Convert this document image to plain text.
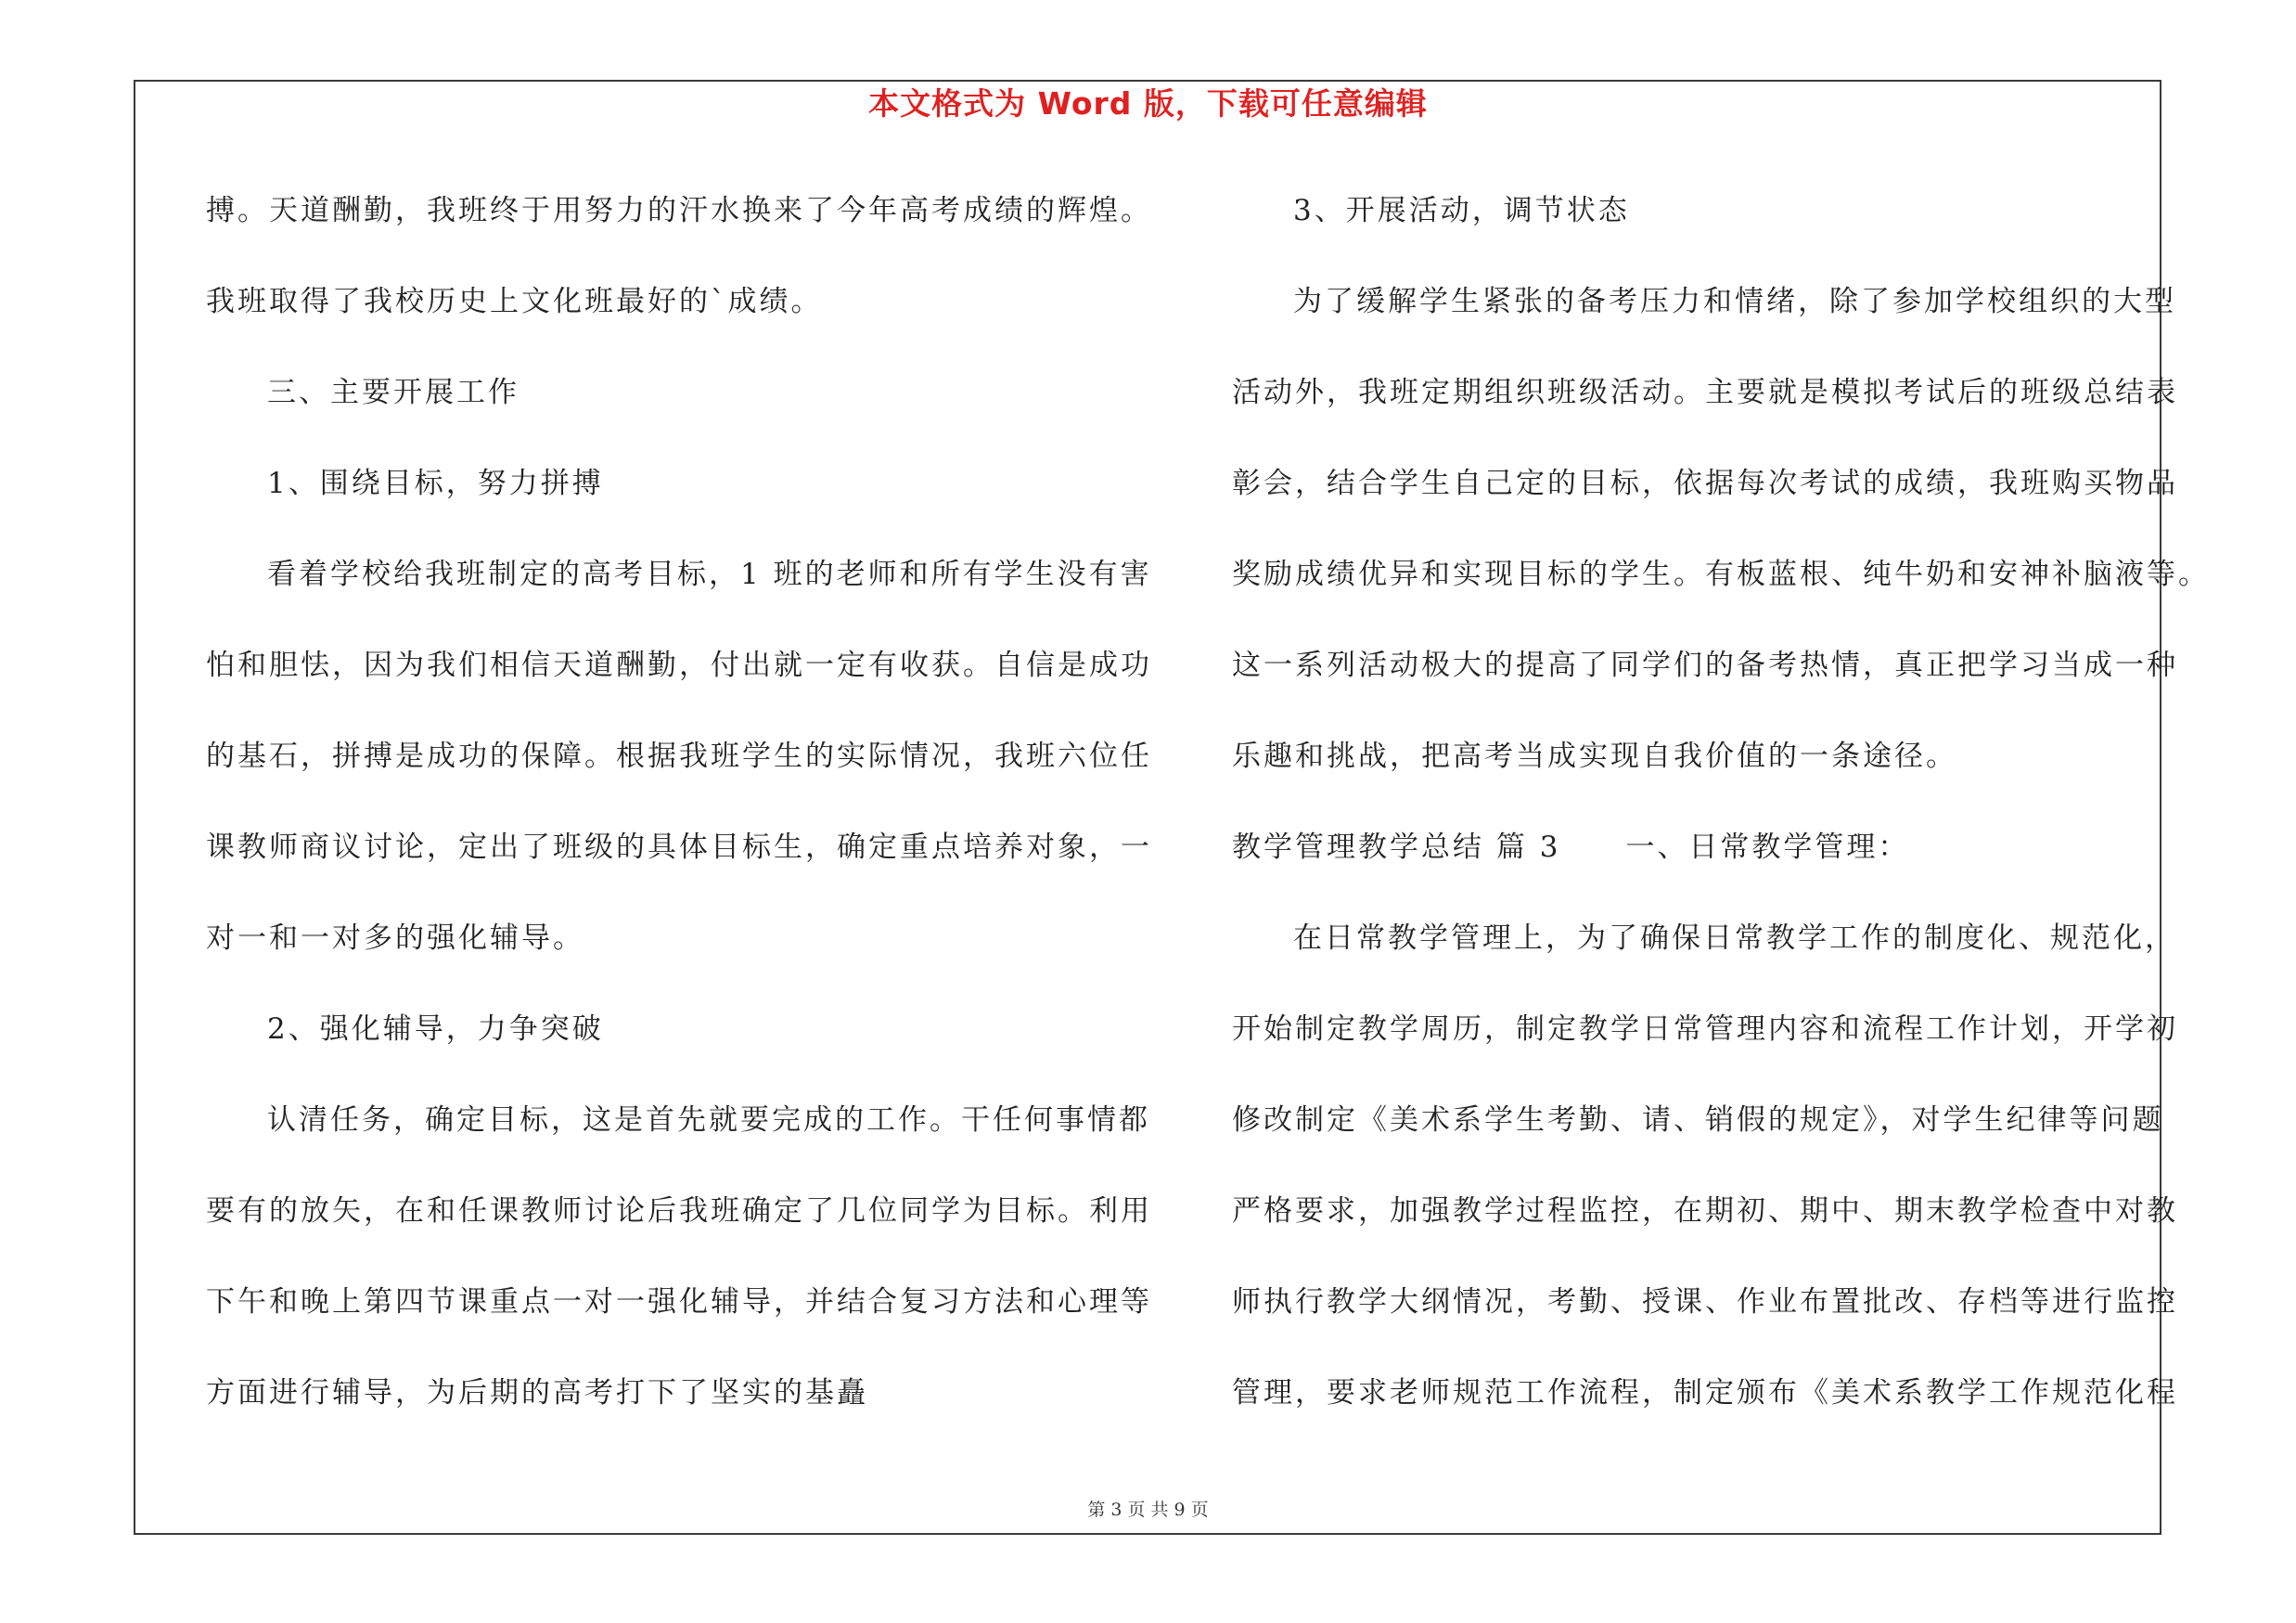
本文格式为 Word 版，下载可任意编辑
搏。天道酬勤，我班终于用努力的汗水换来了今年高考成绩的辉煌。
我班取得了我校历史上文化班最好的`成绩。
三、主要开展工作
1、围绕目标，努力拼搏
看着学校给我班制定的高考目标，1 班的老师和所有学生没有害
怕和胆怯，因为我们相信天道酬勤，付出就一定有收获。自信是成功
的基石，拼搏是成功的保障。根据我班学生的实际情况，我班六位任
课教师商议讨论，定出了班级的具体目标生，确定重点培养对象，一
对一和一对多的强化辅导。
2、强化辅导，力争突破
认清任务，确定目标，这是首先就要完成的工作。干任何事情都
要有的放矢，在和任课教师讨论后我班确定了几位同学为目标。利用
下午和晚上第四节课重点一对一强化辅导，并结合复习方法和心理等
方面进行辅导，为后期的高考打下了坚实的基矗
3、开展活动，调节状态
为了缓解学生紧张的备考压力和情绪，除了参加学校组织的大型
活动外，我班定期组织班级活动。主要就是模拟考试后的班级总结表
彰会，结合学生自己定的目标，依据每次考试的成绩，我班购买物品
奖励成绩优异和实现目标的学生。有板蓝根、纯牛奶和安神补脑液等。
这一系列活动极大的提高了同学们的备考热情，真正把学习当成一种
乐趣和挑战，把高考当成实现自我价值的一条途径。
教学管理教学总结 篇 3 一、日常教学管理：
在日常教学管理上，为了确保日常教学工作的制度化、规范化，
开始制定教学周历，制定教学日常管理内容和流程工作计划，开学初
修改制定《美术系学生考勤、请、销假的规定》，对学生纪律等问题
严格要求，加强教学过程监控，在期初、期中、期末教学检查中对教
师执行教学大纲情况，考勤、授课、作业布置批改、存档等进行监控
管理，要求老师规范工作流程，制定颁布《美术系教学工作规范化程
第 3 页 共 9 页
